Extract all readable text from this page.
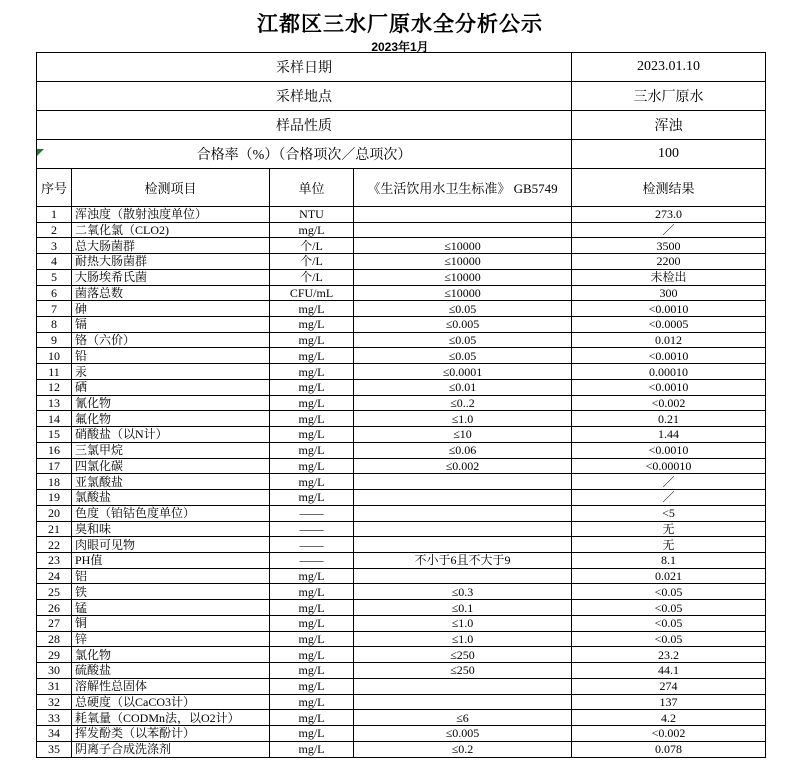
江都区三水厂原水全分析公示
2023年1月
采样日期				2023.01.10
采样地点				三水厂原水
样品性质				浑浊
合格率（%）（合格项次／总项次）				100
序号	检测项目	单位	《生活饮用水卫生标准》 GB5749	检测结果
1	浑浊度（散射浊度单位）	NTU		273.0
2	二氧化氯（CLO2)	mg/L		／
3	总大肠菌群	个/L	≤10000	3500
4	耐热大肠菌群	个/L	≤10000	2200
5	大肠埃希氏菌	个/L	≤10000	未检出
6	菌落总数	CFU/mL	≤10000	300
7	砷	mg/L	≤0.05	<0.0010
8	镉	mg/L	≤0.005	<0.0005
9	铬（六价）	mg/L	≤0.05	0.012
10	铅	mg/L	≤0.05	<0.0010
11	汞	mg/L	≤0.0001	0.00010
12	硒	mg/L	≤0.01	<0.0010
13	氰化物	mg/L	≤0..2	<0.002
14	氟化物	mg/L	≤1.0	0.21
15	硝酸盐（以N计）	mg/L	≤10	1.44
16	三氯甲烷	mg/L	≤0.06	<0.0010
17	四氯化碳	mg/L	≤0.002	<0.00010
18	亚氯酸盐	mg/L		／
19	氯酸盐	mg/L		／
20	色度（铂钴色度单位）	——		<5
21	臭和味	——		无
22	肉眼可见物	——		无
23	PH值	——	不小于6且不大于9	8.1
24	铝	mg/L		0.021
25	铁	mg/L	≤0.3	<0.05
26	锰	mg/L	≤0.1	<0.05
27	铜	mg/L	≤1.0	<0.05
28	锌	mg/L	≤1.0	<0.05
29	氯化物	mg/L	≤250	23.2
30	硫酸盐	mg/L	≤250	44.1
31	溶解性总固体	mg/L		274
32	总硬度（以CaCO3计）	mg/L		137
33	耗氧量（CODMn法，以O2计）	mg/L	≤6	4.2
34	挥发酚类（以苯酚计）	mg/L	≤0.005	<0.002
35	阴离子合成洗涤剂	mg/L	≤0.2	0.078
